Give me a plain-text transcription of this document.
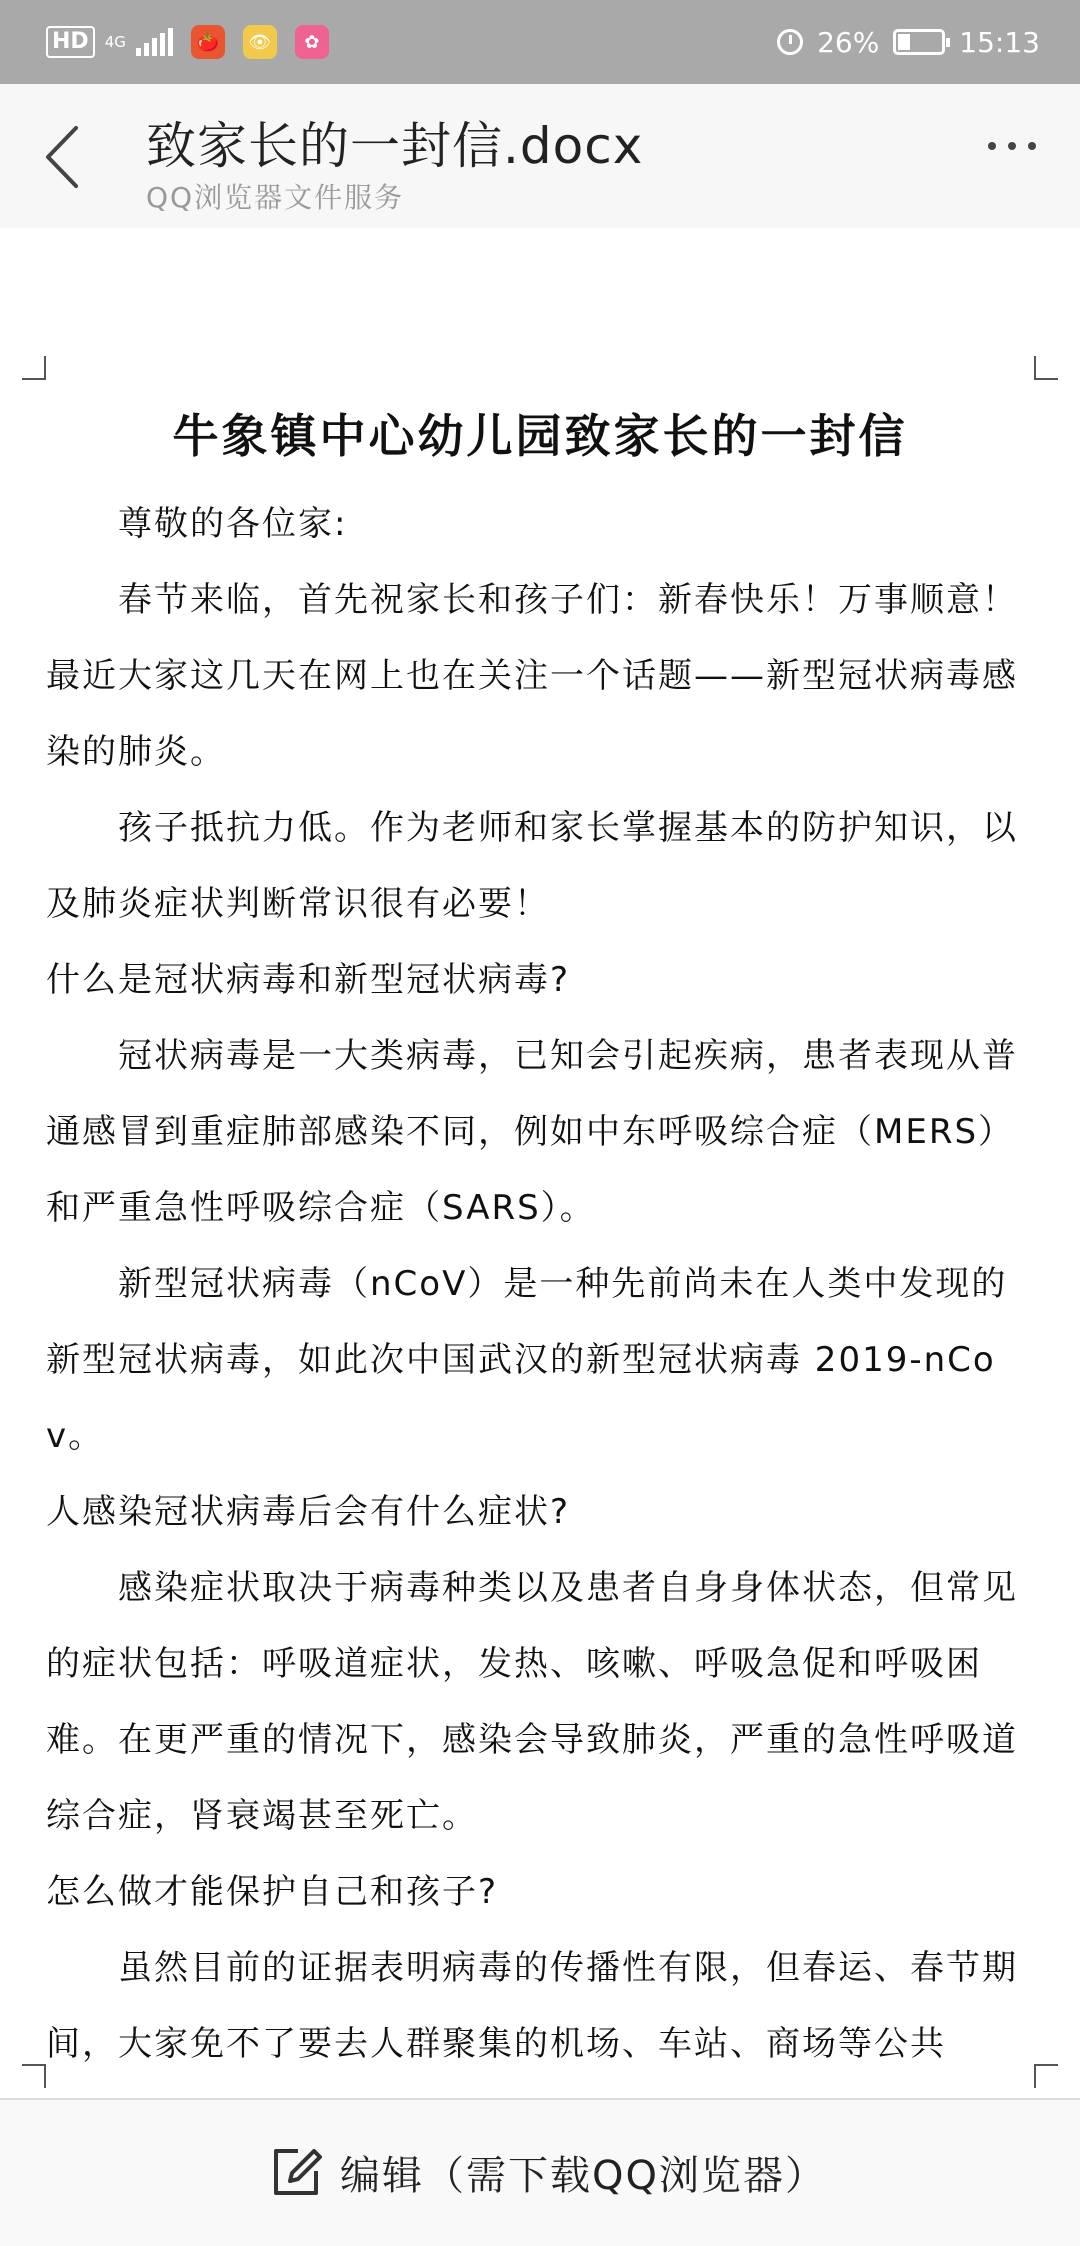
HD	4G	🍅	👁	✿	26%	15:13
致家长的一封信.docx
QQ浏览器文件服务
牛象镇中心幼儿园致家长的一封信

尊敬的各位家:

春节来临，首先祝家长和孩子们：新春快乐！万事顺意！最近大家这几天在网上也在关注一个话题——新型冠状病毒感染的肺炎。

孩子抵抗力低。作为老师和家长掌握基本的防护知识，以及肺炎症状判断常识很有必要！

什么是冠状病毒和新型冠状病毒?

冠状病毒是一大类病毒，已知会引起疾病，患者表现从普通感冒到重症肺部感染不同，例如中东呼吸综合症（MERS）和严重急性呼吸综合症（SARS）。

新型冠状病毒（nCoV）是一种先前尚未在人类中发现的新型冠状病毒，如此次中国武汉的新型冠状病毒 2019-nCov。

人感染冠状病毒后会有什么症状?

感染症状取决于病毒种类以及患者自身身体状态，但常见的症状包括：呼吸道症状，发热、咳嗽、呼吸急促和呼吸困难。在更严重的情况下，感染会导致肺炎，严重的急性呼吸道综合症，肾衰竭甚至死亡。

怎么做才能保护自己和孩子?

虽然目前的证据表明病毒的传播性有限，但春运、春节期间，大家免不了要去人群聚集的机场、车站、商场等公共

编辑（需下载QQ浏览器）
